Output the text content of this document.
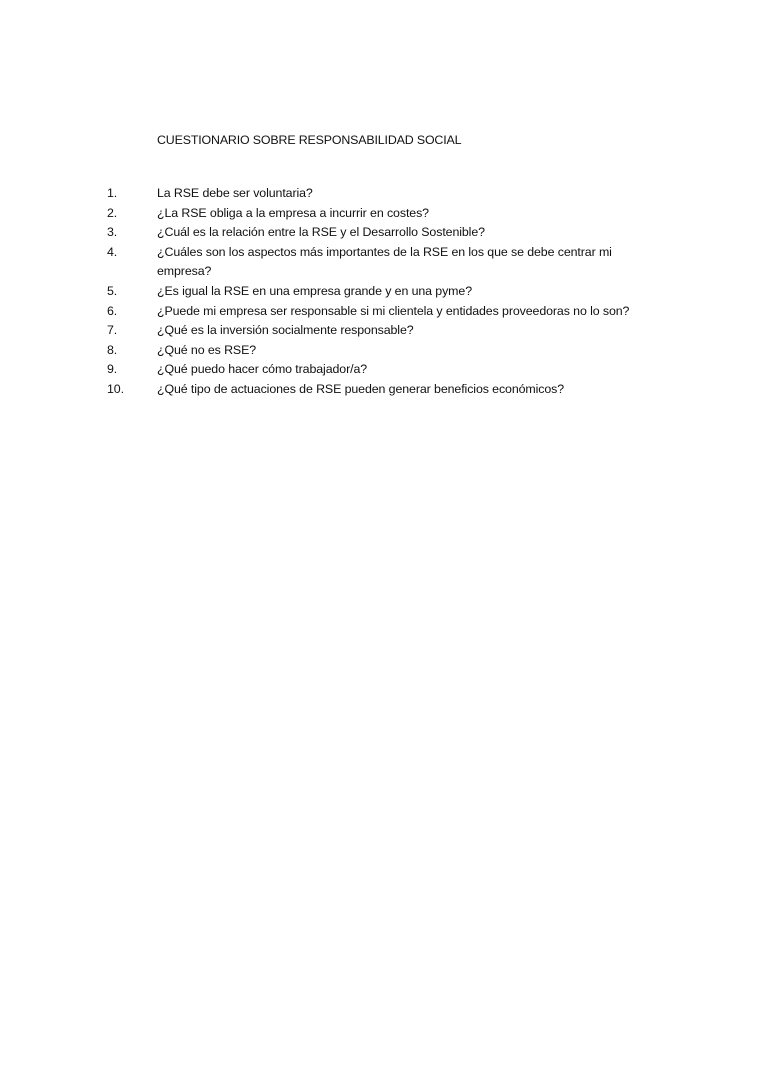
CUESTIONARIO SOBRE RESPONSABILIDAD SOCIAL
1.	La RSE debe ser voluntaria?
2.	¿La RSE obliga a la empresa a incurrir en costes?
3.	¿Cuál es la relación entre la RSE y el Desarrollo Sostenible?
4.	¿Cuáles son los aspectos más importantes de la RSE en los que se debe centrar mi empresa?
5.	¿Es igual la RSE en una empresa grande y en una pyme?
6.	¿Puede mi empresa ser responsable si mi clientela y entidades proveedoras no lo son?
7.	¿Qué es la inversión socialmente responsable?
8.	¿Qué no es RSE?
9.	¿Qué puedo hacer cómo trabajador/a?
10.	¿Qué tipo de actuaciones de RSE pueden generar beneficios económicos?
